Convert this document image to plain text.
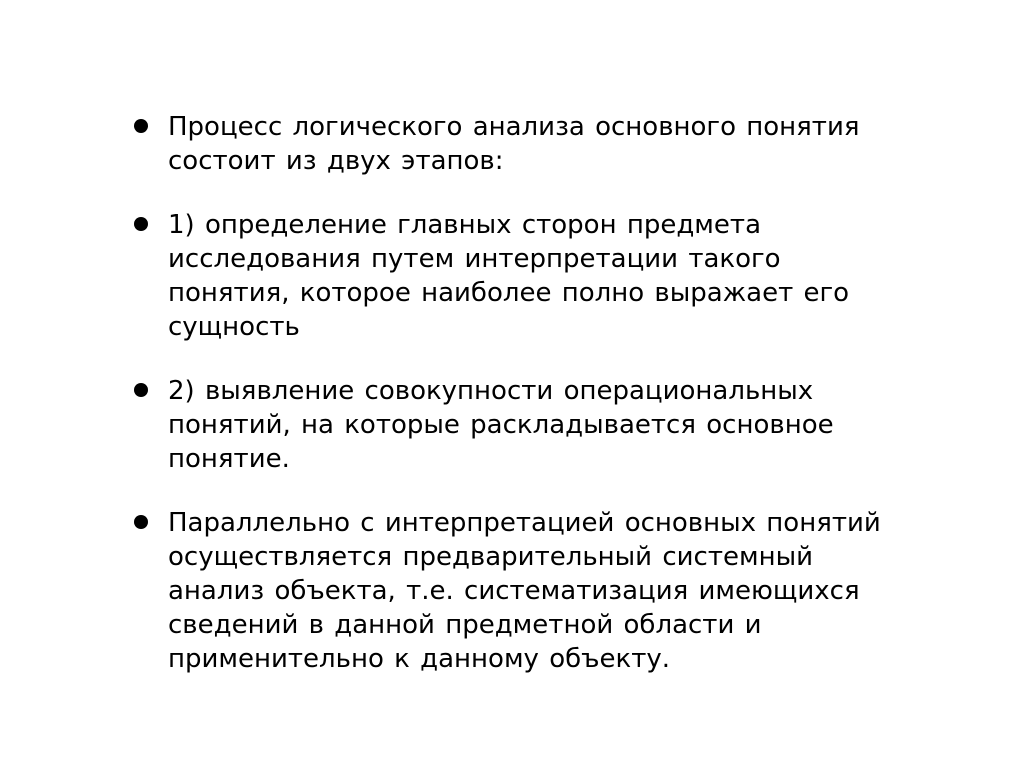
Процесс логического анализа основного понятия
состоит из двух этапов:
1) определение главных сторон предмета
исследования путем интерпретации такого
понятия, которое наиболее полно выражает его
сущность
2) выявление совокупности операциональных
понятий, на которые раскладывается основное
понятие.
Параллельно с интерпретацией основных понятий
осуществляется предварительный системный
анализ объекта, т.е. систематизация имеющихся
сведений в данной предметной области и
применительно к данному объекту.
